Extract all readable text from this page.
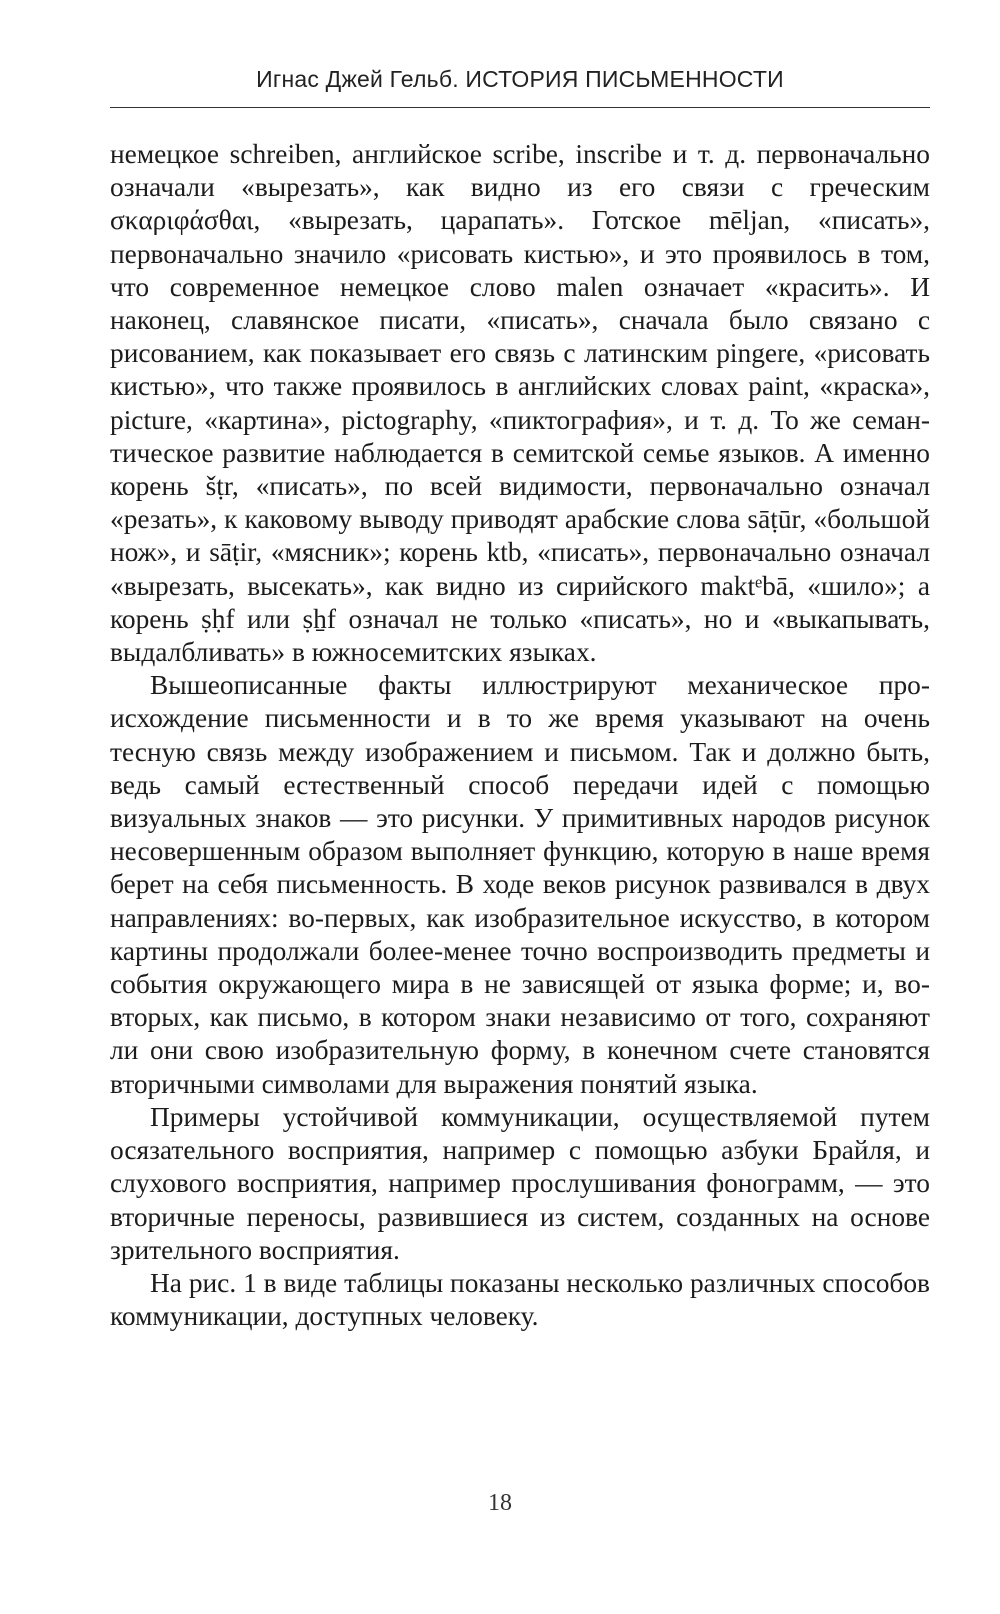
Игнас Джей Гельб. ИСТОРИЯ ПИСЬМЕННОСТИ

немецкое schreiben, английское scribe, inscribe и т. д. первоначально означали «вырезать», как видно из его связи с греческим σκαριφάσθαι, «вырезать, царапать». Готское mēljan, «писать», первоначально значило «рисовать кистью», и это проявилось в том, что современное немецкое слово malen означает «красить». И наконец, славянское писати, «писать», сначала было связано с рисованием, как показывает его связь с латинским pingere, «рисовать кистью», что также проявилось в английских словах paint, «краска», picture, «картина», pictography, «пиктография», и т. д. То же семантическое развитие наблюдается в семитской семье языков. А именно корень šṭr, «писать», по всей видимости, первоначально означал «резать», к каковому выводу приводят арабские слова sāṭūr, «большой нож», и sāṭir, «мясник»; корень ktb, «писать», первоначально означал «вырезать, высекать», как видно из сирийского maktᵉbā, «шило»; а корень ṣḥf или ṣẖf означал не только «писать», но и «выкапывать, выдалбливать» в южносемитских языках.

Вышеописанные факты иллюстрируют механическое происхождение письменности и в то же время указывают на очень тесную связь между изображением и письмом. Так и должно быть, ведь самый естественный способ передачи идей с помощью визуальных знаков — это рисунки. У примитивных народов рисунок несовершенным образом выполняет функцию, которую в наше время берет на себя письменность. В ходе веков рисунок развивался в двух направлениях: во-первых, как изобразительное искусство, в котором картины продолжали более-менее точно воспроизводить предметы и события окружающего мира в не зависящей от языка форме; и, во-вторых, как письмо, в котором знаки независимо от того, сохраняют ли они свою изобразительную форму, в конечном счете становятся вторичными символами для выражения понятий языка.

Примеры устойчивой коммуникации, осуществляемой путем осязательного восприятия, например с помощью азбуки Брайля, и слухового восприятия, например прослушивания фонограмм, — это вторичные переносы, развившиеся из систем, созданных на основе зрительного восприятия.

На рис. 1 в виде таблицы показаны несколько различных способов коммуникации, доступных человеку.

18
